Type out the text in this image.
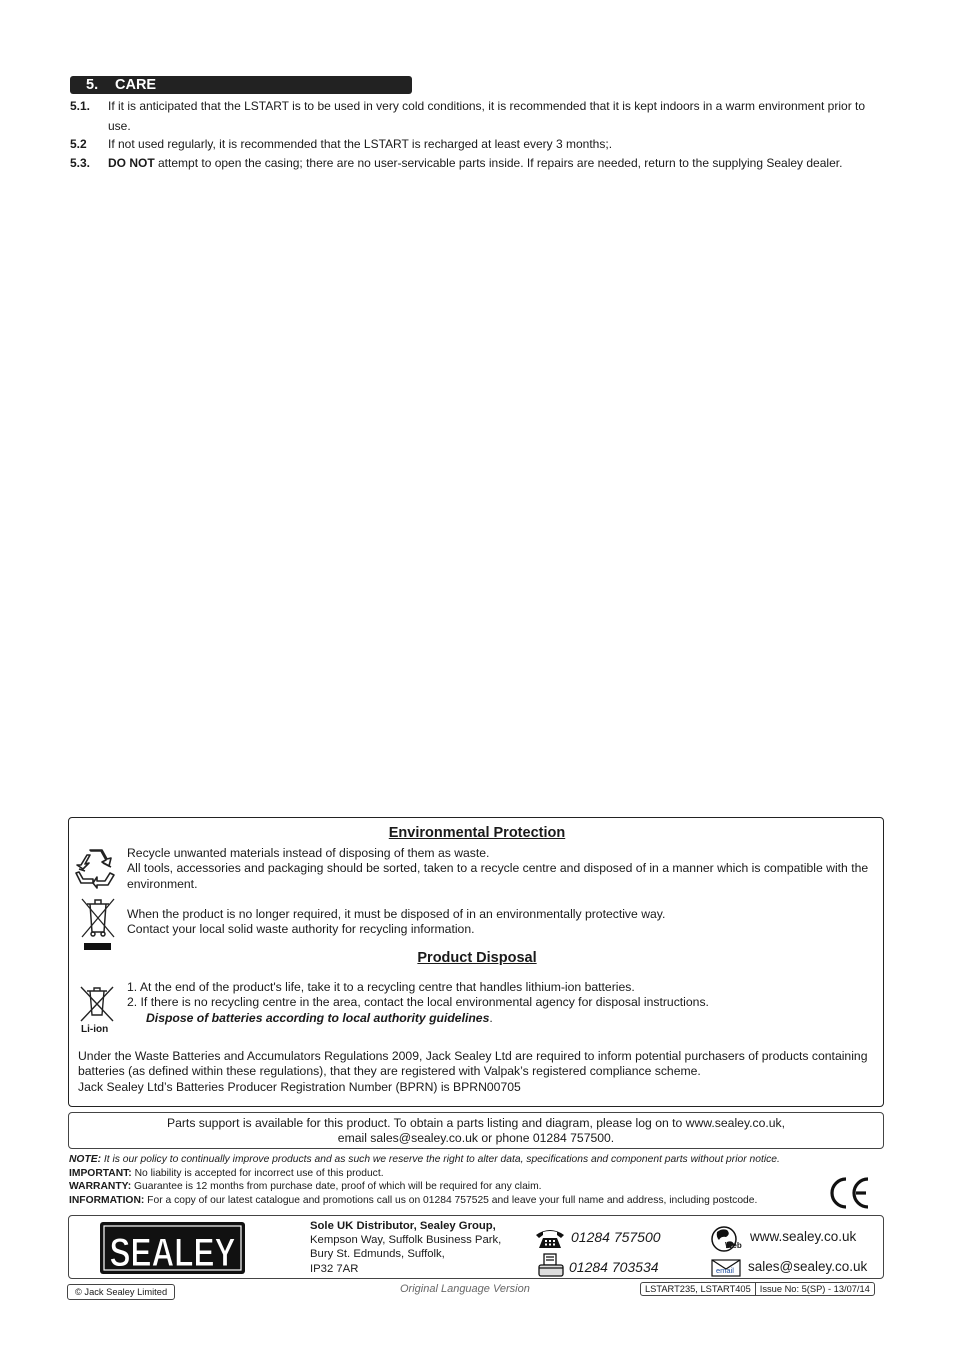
5. CARE
5.1. If it is anticipated that the LSTART is to be used in very cold conditions, it is recommended that it is kept indoors in a warm environment prior to use.
5.2 If not used regularly, it is recommended that the LSTART is recharged at least every 3 months;.
5.3. DO NOT attempt to open the casing; there are no user-servicable parts inside. If repairs are needed, return to the supplying Sealey dealer.
Environmental Protection
Recycle unwanted materials instead of disposing of them as waste.
All tools, accessories and packaging should be sorted, taken to a recycle centre and disposed of in a manner which is compatible with the environment.
When the product is no longer required, it must be disposed of in an environmentally protective way.
Contact your local solid waste authority for recycling information.
Product Disposal
Li-ion
1. At the end of the product's life, take it to a recycling centre that handles lithium-ion batteries.
2. If there is no recycling centre in the area, contact the local environmental agency for disposal instructions.
Dispose of batteries according to local authority guidelines.
Under the Waste Batteries and Accumulators Regulations 2009, Jack Sealey Ltd are required to inform potential purchasers of products containing batteries (as defined within these regulations), that they are registered with Valpak’s registered compliance scheme.
Jack Sealey Ltd’s Batteries Producer Registration Number (BPRN) is BPRN00705
Parts support is available for this product. To obtain a parts listing and diagram, please log on to www.sealey.co.uk,
email sales@sealey.co.uk or phone 01284 757500.
NOTE: It is our policy to continually improve products and as such we reserve the right to alter data, specifications and component parts without prior notice.
IMPORTANT: No liability is accepted for incorrect use of this product.
WARRANTY: Guarantee is 12 months from purchase date, proof of which will be required for any claim.
INFORMATION: For a copy of our latest catalogue and promotions call us on 01284 757525 and leave your full name and address, including postcode.
SEALEY
Sole UK Distributor, Sealey Group,
Kempson Way, Suffolk Business Park,
Bury St. Edmunds, Suffolk,
IP32 7AR
01284 757500
01284 703534
Web
www.sealey.co.uk
email sales@sealey.co.uk
© Jack Sealey Limited	Original Language Version	LSTART235, LSTART405 Issue No: 5(SP) - 13/07/14
